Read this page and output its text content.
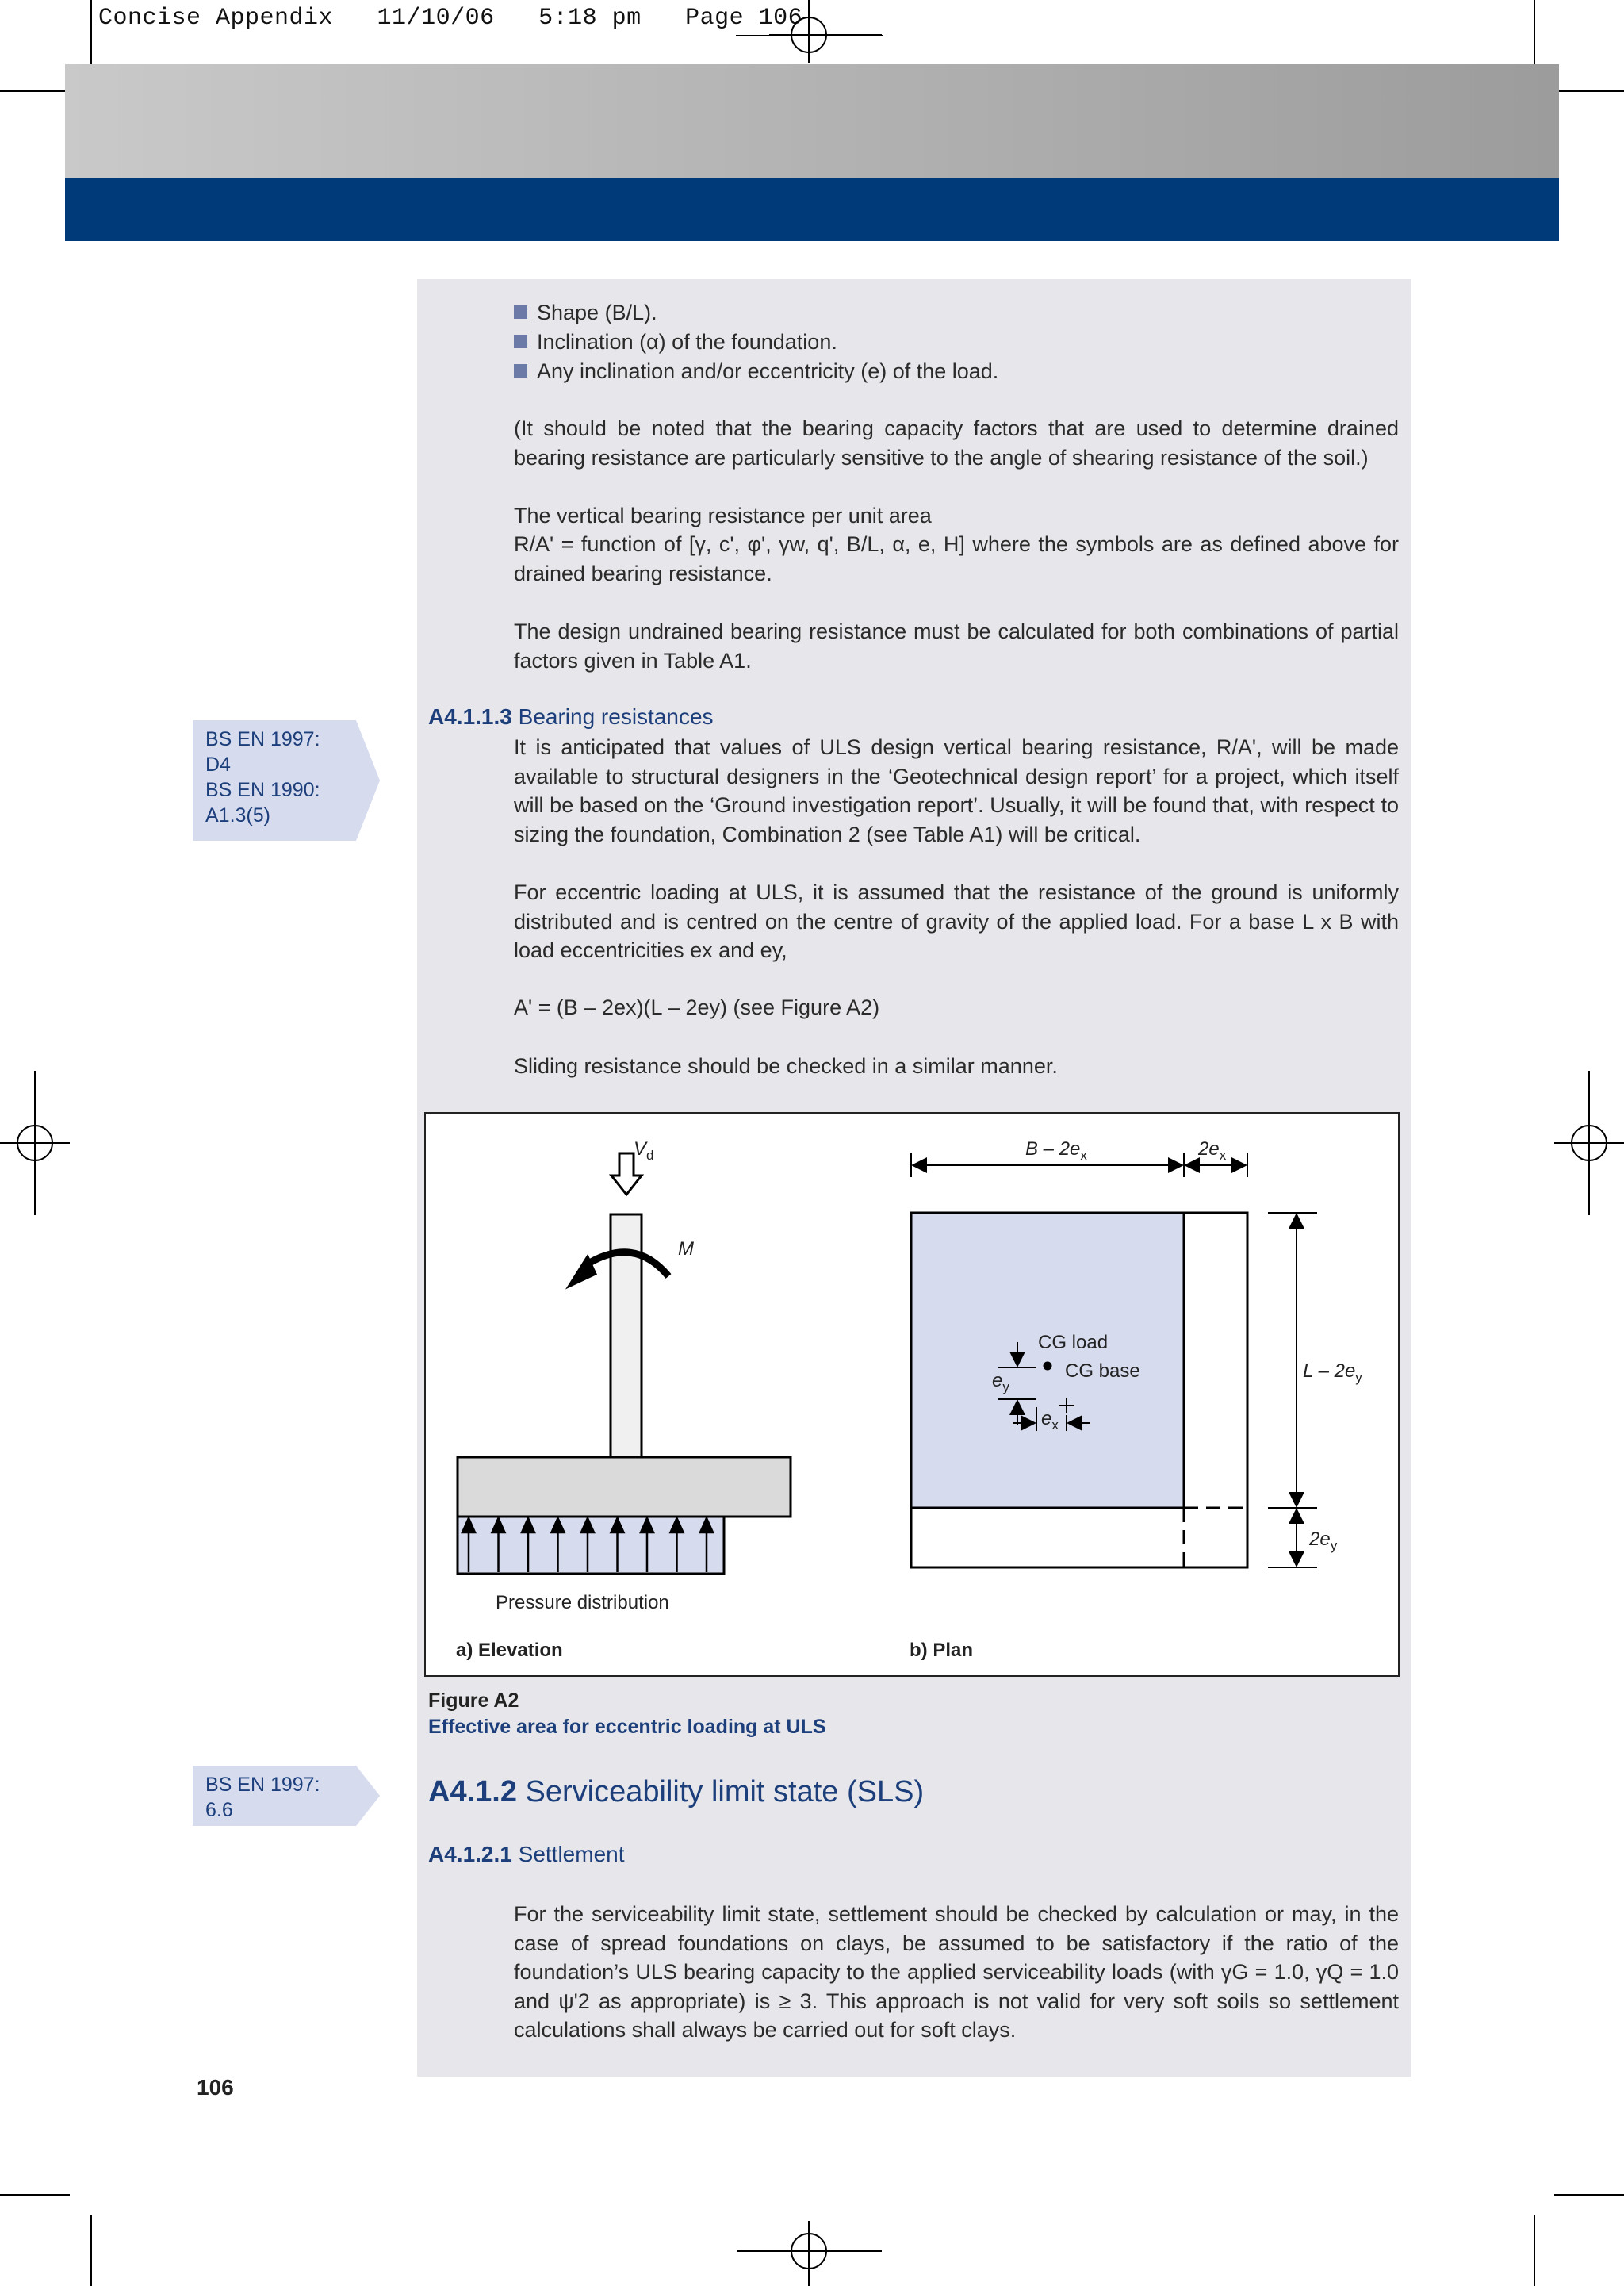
Concise Appendix   11/10/06   5:18 pm   Page 106
Shape (B/L).
Inclination (α) of the foundation.
Any inclination and/or eccentricity (e) of the load.
(It should be noted that the bearing capacity factors that are used to determine drained bearing resistance are particularly sensitive to the angle of shearing resistance of the soil.)
The vertical bearing resistance per unit area
R/A' = function of [γ, c', φ', γw, q', B/L, α, e, H] where the symbols are as defined above for drained bearing resistance.
The design undrained bearing resistance must be calculated for both combinations of partial factors given in Table A1.
BS EN 1997:
D4
BS EN 1990:
A1.3(5)
A4.1.1.3 Bearing resistances
It is anticipated that values of ULS design vertical bearing resistance, R/A', will be made available to structural designers in the ‘Geotechnical design report’ for a project, which itself will be based on the ‘Ground investigation report’. Usually, it will be found that, with respect to sizing the foundation, Combination 2 (see Table A1) will be critical.
For eccentric loading at ULS, it is assumed that the resistance of the ground is uniformly distributed and is centred on the centre of gravity of the applied load. For a base L x B with load eccentricities ex and ey,
A' = (B – 2ex)(L – 2ey) (see Figure A2)
Sliding resistance should be checked in a similar manner.
$V_d$
M
Pressure distribution
a) Elevation	b) Plan
B – $2e_x$	$2e_x$
L – $2e_y$
$2e_y$
CG load
CG base
$e_y$
$e_x$
Figure A2
Effective area for eccentric loading at ULS
BS EN 1997:
6.6
A4.1.2 Serviceability limit state (SLS)
A4.1.2.1 Settlement
For the serviceability limit state, settlement should be checked by calculation or may, in the case of spread foundations on clays, be assumed to be satisfactory if the ratio of the foundation’s ULS bearing capacity to the applied serviceability loads (with γG = 1.0, γQ = 1.0 and ψ'2 as appropriate) is ≥ 3. This approach is not valid for very soft soils so settlement calculations shall always be carried out for soft clays.
106
